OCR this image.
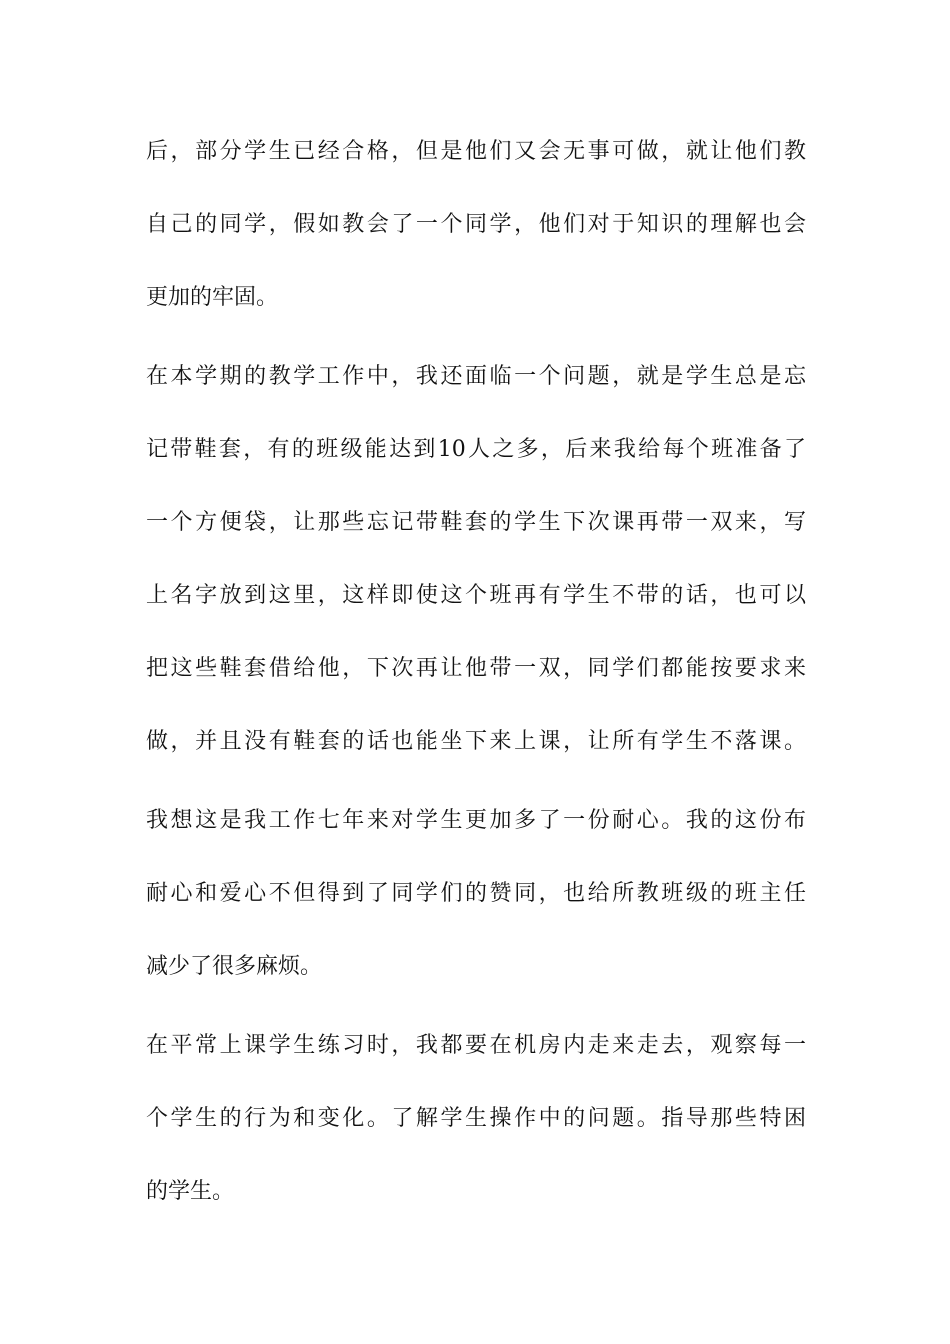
后，部分学生已经合格，但是他们又会无事可做，就让他们教
自己的同学，假如教会了一个同学，他们对于知识的理解也会
更加的牢固。
在本学期的教学工作中，我还面临一个问题，就是学生总是忘
记带鞋套，有的班级能达到10人之多，后来我给每个班准备了
一个方便袋，让那些忘记带鞋套的学生下次课再带一双来，写
上名字放到这里，这样即使这个班再有学生不带的话，也可以
把这些鞋套借给他，下次再让他带一双，同学们都能按要求来
做，并且没有鞋套的话也能坐下来上课，让所有学生不落课。
我想这是我工作七年来对学生更加多了一份耐心。我的这份布
耐心和爱心不但得到了同学们的赞同，也给所教班级的班主任
减少了很多麻烦。
在平常上课学生练习时，我都要在机房内走来走去，观察每一
个学生的行为和变化。了解学生操作中的问题。指导那些特困
的学生。
